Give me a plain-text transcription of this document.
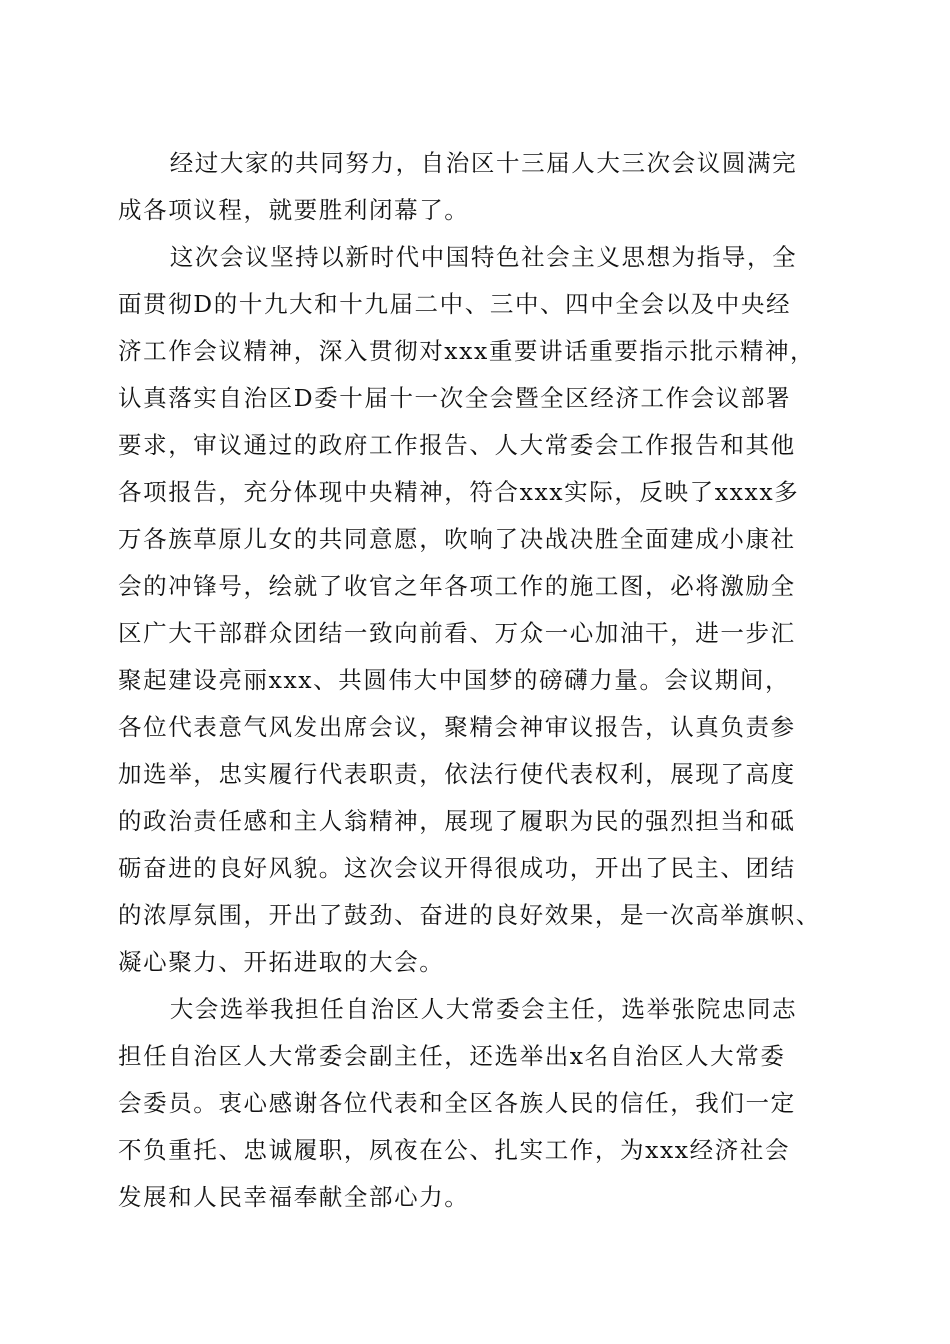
经过大家的共同努力，自治区十三届人大三次会议圆满完
成各项议程，就要胜利闭幕了。

这次会议坚持以新时代中国特色社会主义思想为指导，全
面贯彻D的十九大和十九届二中、三中、四中全会以及中央经
济工作会议精神，深入贯彻对xxx重要讲话重要指示批示精神，
认真落实自治区D委十届十一次全会暨全区经济工作会议部署
要求，审议通过的政府工作报告、人大常委会工作报告和其他
各项报告，充分体现中央精神，符合xxx实际，反映了xxxx多
万各族草原儿女的共同意愿，吹响了决战决胜全面建成小康社
会的冲锋号，绘就了收官之年各项工作的施工图，必将激励全
区广大干部群众团结一致向前看、万众一心加油干，进一步汇
聚起建设亮丽xxx、共圆伟大中国梦的磅礴力量。会议期间，
各位代表意气风发出席会议，聚精会神审议报告，认真负责参
加选举，忠实履行代表职责，依法行使代表权利，展现了高度
的政治责任感和主人翁精神，展现了履职为民的强烈担当和砥
砺奋进的良好风貌。这次会议开得很成功，开出了民主、团结
的浓厚氛围，开出了鼓劲、奋进的良好效果，是一次高举旗帜、
凝心聚力、开拓进取的大会。

大会选举我担任自治区人大常委会主任，选举张院忠同志
担任自治区人大常委会副主任，还选举出x名自治区人大常委
会委员。衷心感谢各位代表和全区各族人民的信任，我们一定
不负重托、忠诚履职，夙夜在公、扎实工作，为xxx经济社会
发展和人民幸福奉献全部心力。
